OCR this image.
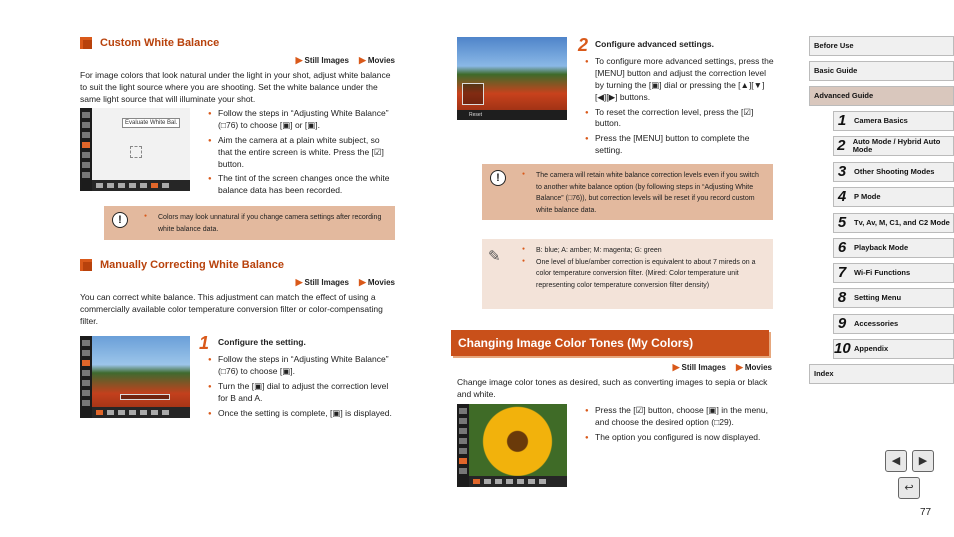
Custom White Balance
▶ Still Images ▶ Movies

For image colors that look natural under the light in your shot, adjust white balance to suit the light source where you are shooting. Set the white balance under the same light source that will illuminate your shot.

Evaluate White Bal.
● Follow the steps in “Adjusting White Balance” (□76) to choose [▣] or [▣].
● Aim the camera at a plain white subject, so that the entire screen is white. Press the [☑] button.
● The tint of the screen changes once the white balance data has been recorded.
!	● Colors may look unnatural if you change camera settings after recording white balance data.
Manually Correcting White Balance
▶ Still Images ▶ Movies

You can correct white balance. This adjustment can match the effect of using a commercially available color temperature conversion filter or color-compensating filter.

1 Configure the setting.
● Follow the steps in “Adjusting White Balance” (□76) to choose [▣].
● Turn the [▣] dial to adjust the correction level for B and A.
● Once the setting is complete, [▣] is displayed.
Reset
2 Configure advanced settings.
● To configure more advanced settings, press the [MENU] button and adjust the correction level by turning the [▣] dial or pressing the [▲][▼][◀][▶] buttons.
● To reset the correction level, press the [☑] button.
● Press the [MENU] button to complete the setting.
!	● The camera will retain white balance correction levels even if you switch to another white balance option (by following steps in “Adjusting White Balance” (□76)), but correction levels will be reset if you record custom white balance data.
✎	● B: blue; A: amber; M: magenta; G: green
● One level of blue/amber correction is equivalent to about 7 mireds on a color temperature conversion filter. (Mired: Color temperature unit representing color temperature conversion filter density)
Changing Image Color Tones (My Colors)
▶ Still Images ▶ Movies

Change image color tones as desired, such as converting images to sepia or black and white.

● Press the [☑] button, choose [▣] in the menu, and choose the desired option (□29).
● The option you configured is now displayed.
Before Use
Basic Guide
Advanced Guide
1	Camera Basics
2 Auto Mode / Hybrid Auto Mode
3	Other Shooting Modes
4	P Mode
5	Tv, Av, M, C1, and C2 Mode
6	Playback Mode
7	Wi-Fi Functions
8	Setting Menu
9	Accessories
10 Appendix
Index
◀	▶
↩
77
